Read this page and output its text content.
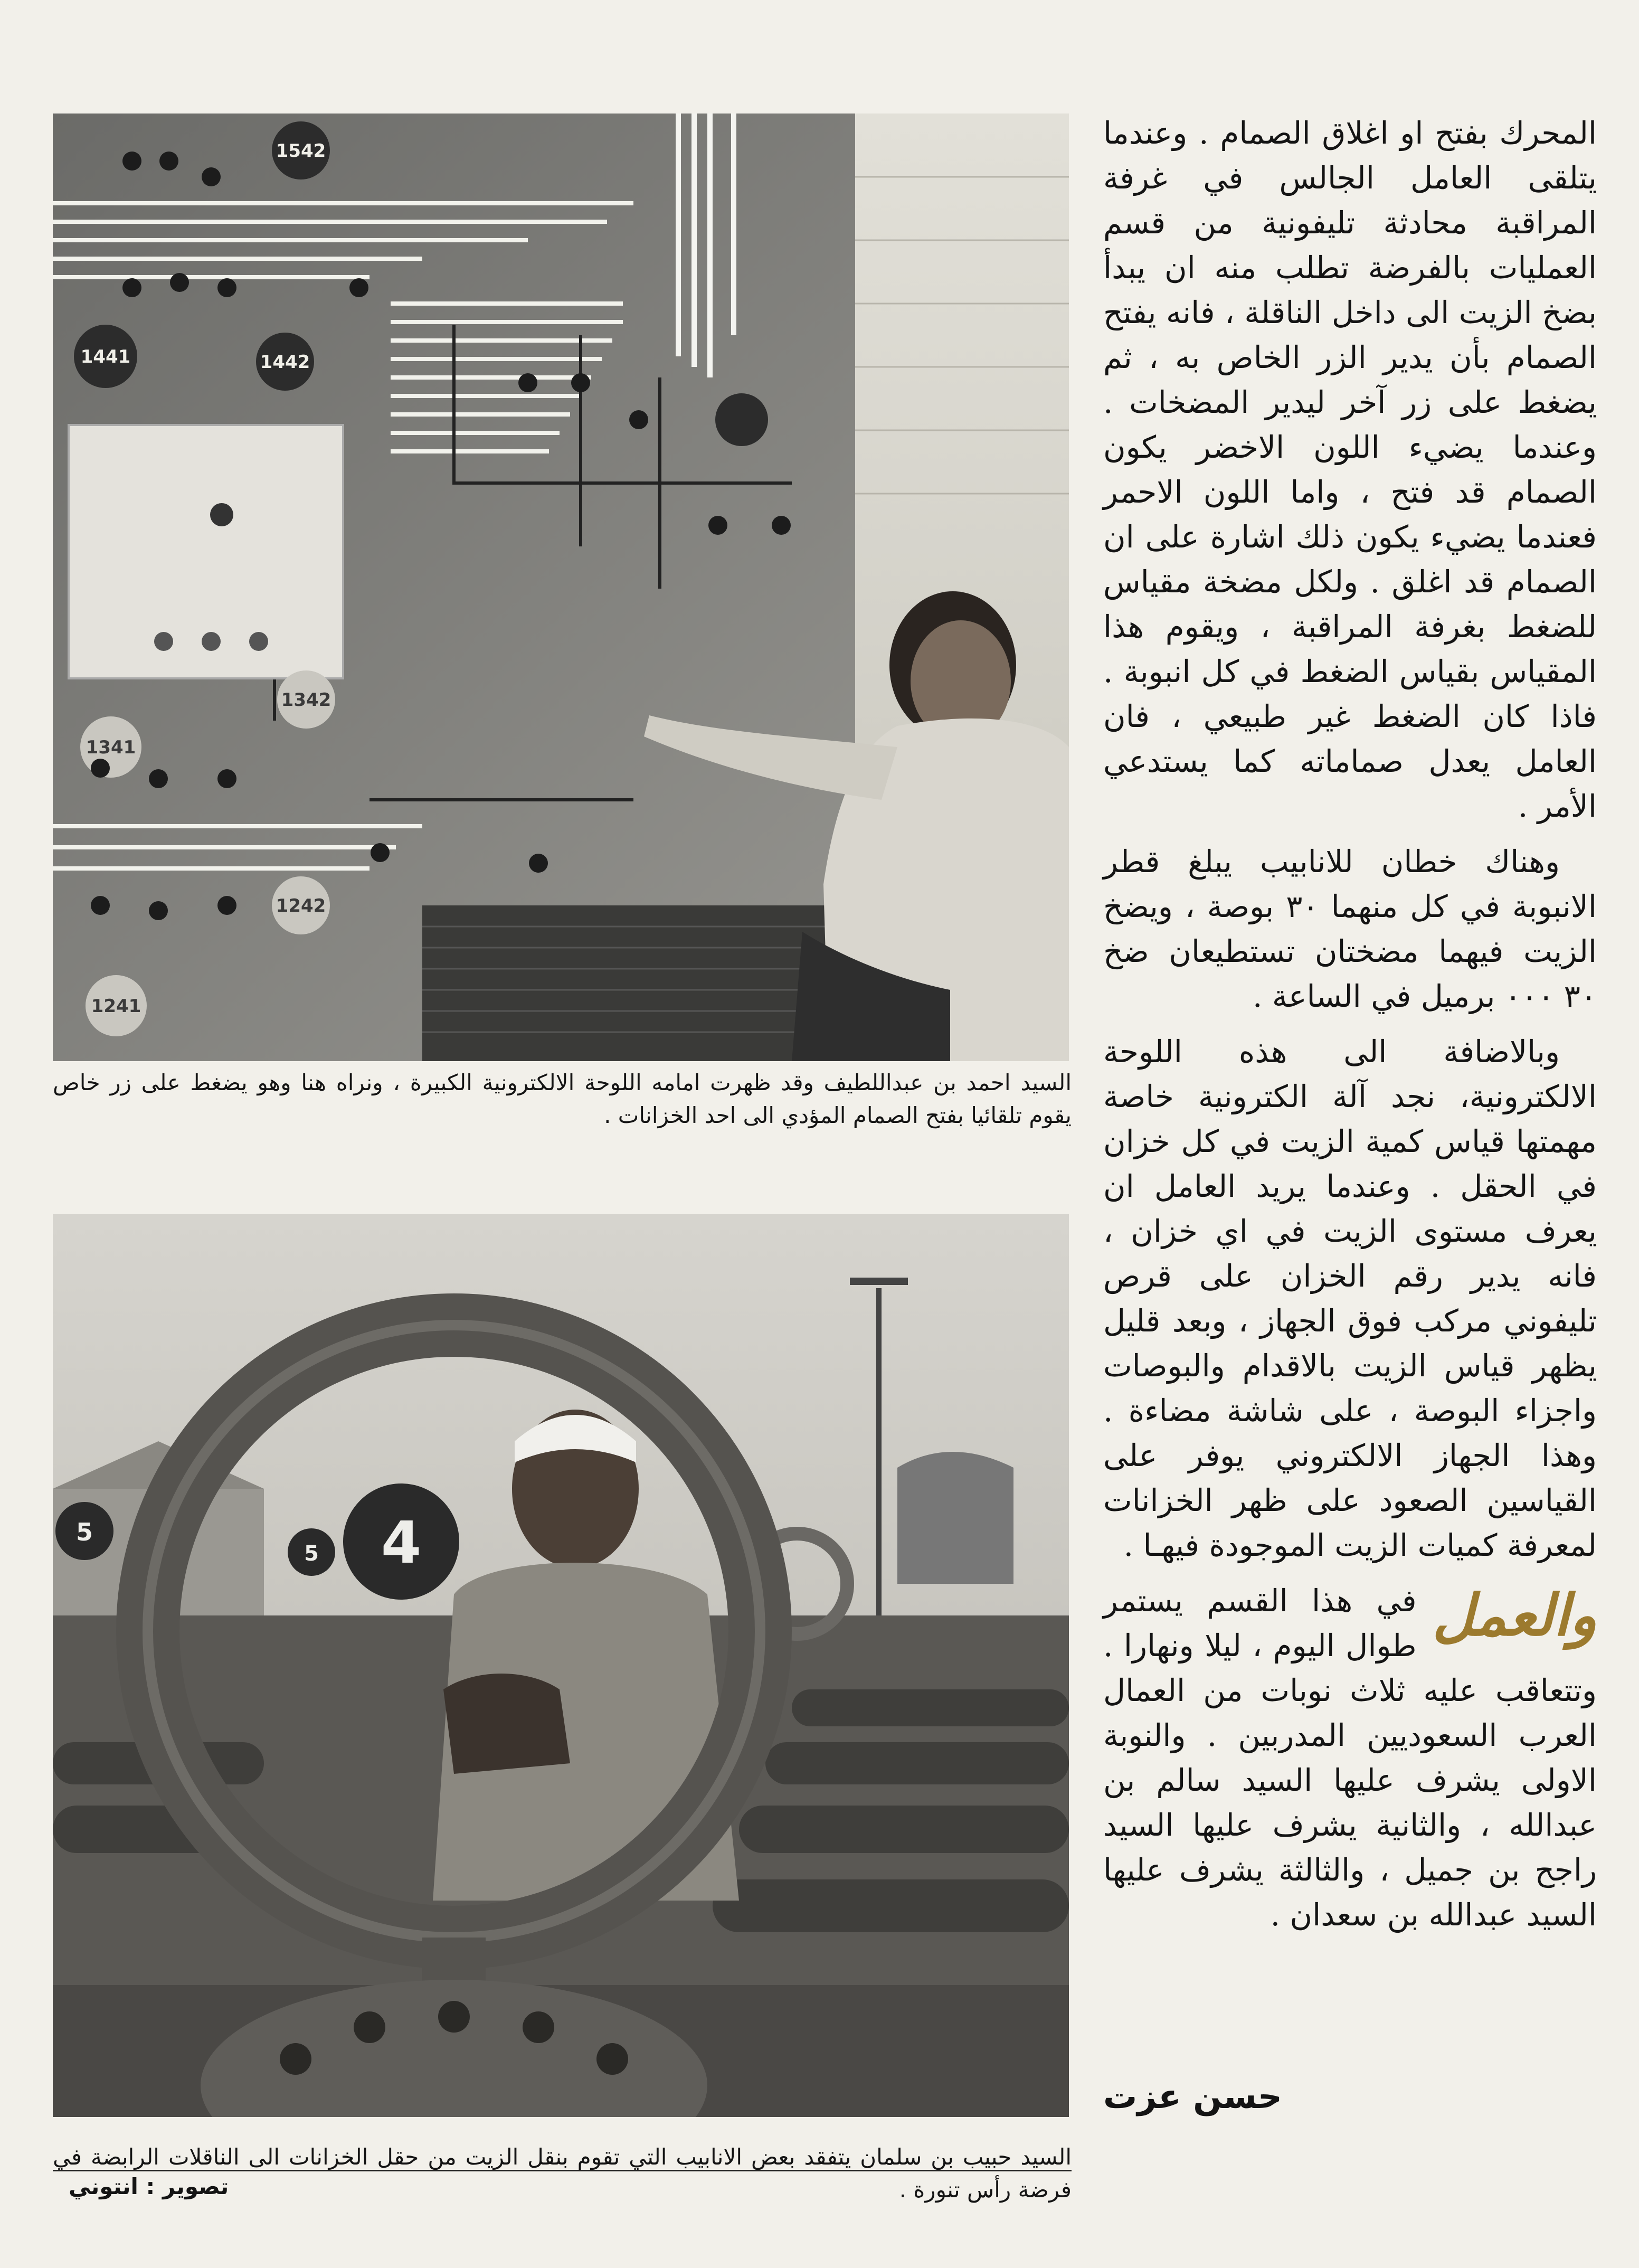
1542
1441	1442
1341
1342
1241
1242
السيد احمد بن عبداللطيف وقد ظهرت امامه اللوحة الالكترونية الكبيرة ، ونراه هنا وهو يضغط على زر خاص يقوم تلقائيا بفتح الصمام المؤدي الى احد الخزانات .
4
5
5
السيد حبيب بن سلمان يتفقد بعض الانابيب التي تقوم بنقل الزيت من حقل الخزانات الى الناقلات الرابضة في فرضة رأس تنورة .
تصوير : انتوني

المحرك بفتح او اغلاق الصمام . وعندما يتلقى العامل الجالس في غرفة المراقبة محادثة تليفونية من قسم العمليات بالفرضة تطلب منه ان يبدأ بضخ الزيت الى داخل الناقلة ، فانه يفتح الصمام بأن يدير الزر الخاص به ، ثم يضغط على زر آخر ليدير المضخات . وعندما يضيء اللون الاخضر يكون الصمام قد فتح ، واما اللون الاحمر فعندما يضيء يكون ذلك اشارة على ان الصمام قد اغلق . ولكل مضخة مقياس للضغط بغرفة المراقبة ، ويقوم هذا المقياس بقياس الضغط في كل انبوبة . فاذا كان الضغط غير طبيعي ، فان العامل يعدل صماماته كما يستدعي الأمر .

وهناك خطان للانابيب يبلغ قطر الانبوبة في كل منهما ٣٠ بوصة ، ويضخ الزيت فيهما مضختان تستطيعان ضخ ٣٠ ٠٠٠ برميل في الساعة .

وبالاضافة الى هذه اللوحة الالكترونية، نجد آلة الكترونية خاصة مهمتها قياس كمية الزيت في كل خزان في الحقل . وعندما يريد العامل ان يعرف مستوى الزيت في اي خزان ، فانه يدير رقم الخزان على قرص تليفوني مركب فوق الجهاز ، وبعد قليل يظهر قياس الزيت بالاقدام والبوصات واجزاء البوصة ، على شاشة مضاءة . وهذا الجهاز الالكتروني يوفر على القياسين الصعود على ظهر الخزانات لمعرفة كميات الزيت الموجودة فيهـا .

والعمل
في هذا القسم يستمر طوال اليوم ، ليلا ونهارا . وتتعاقب عليه ثلاث نوبات من العمال العرب السعوديين المدربين . والنوبة الاولى يشرف عليها السيد سالم بن عبدالله ، والثانية يشرف عليها السيد راجح بن جميل ، والثالثة يشرف عليها السيد عبدالله بن سعدان .

حسن عزت
